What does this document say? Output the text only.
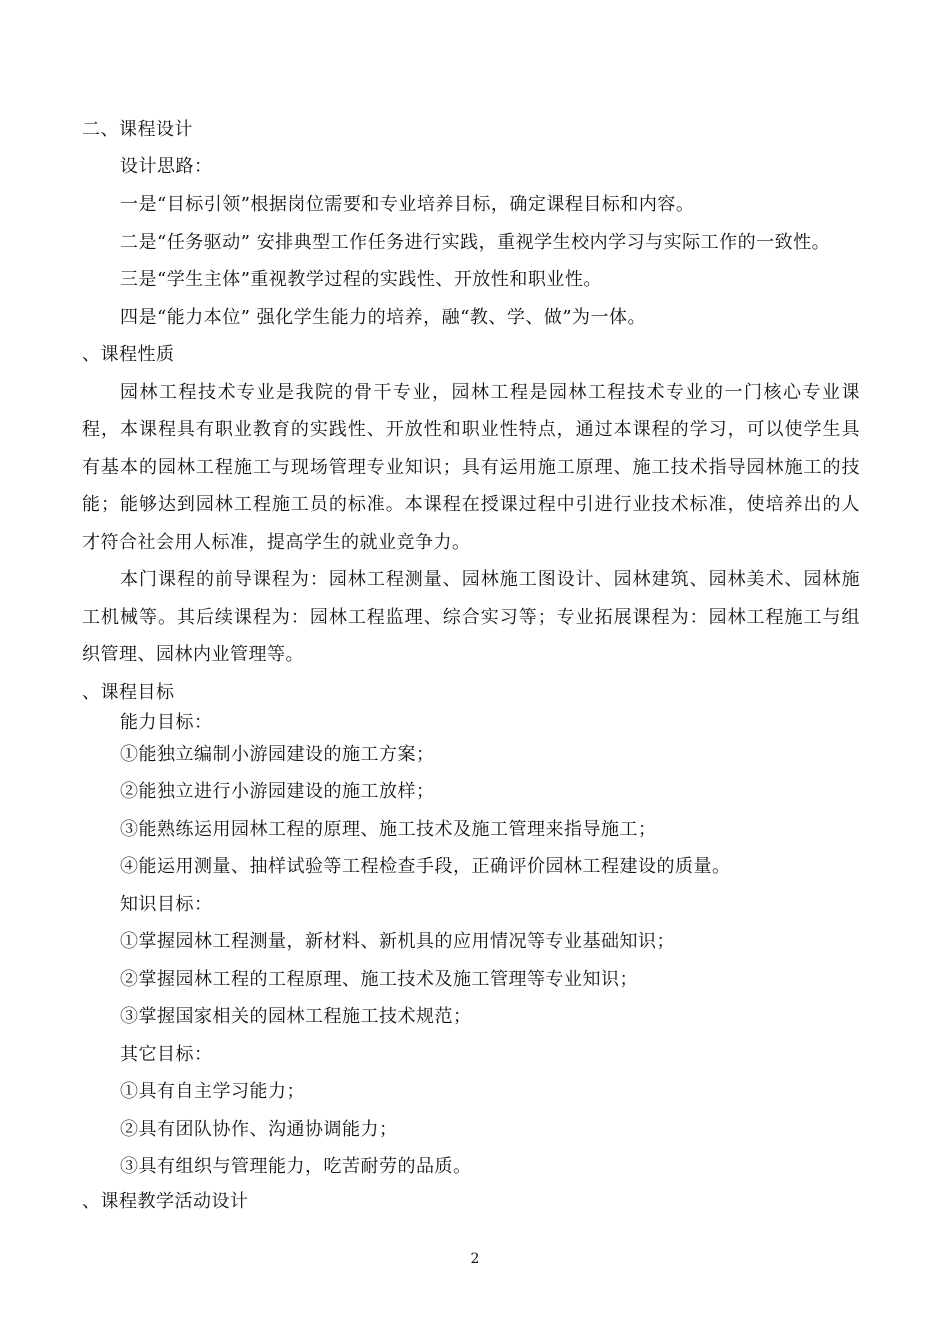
二、课程设计

设计思路：

一是“目标引领”根据岗位需要和专业培养目标，确定课程目标和内容。

二是“任务驱动” 安排典型工作任务进行实践，重视学生校内学习与实际工作的一致性。

三是“学生主体”重视教学过程的实践性、开放性和职业性。

四是“能力本位” 强化学生能力的培养，融“教、学、做”为一体。

、课程性质

园林工程技术专业是我院的骨干专业，园林工程是园林工程技术专业的一门核心专业课

程，本课程具有职业教育的实践性、开放性和职业性特点，通过本课程的学习，可以使学生具

有基本的园林工程施工与现场管理专业知识；具有运用施工原理、施工技术指导园林施工的技

能；能够达到园林工程施工员的标准。本课程在授课过程中引进行业技术标准，使培养出的人

才符合社会用人标准，提高学生的就业竞争力。

本门课程的前导课程为：园林工程测量、园林施工图设计、园林建筑、园林美术、园林施

工机械等。其后续课程为：园林工程监理、综合实习等；专业拓展课程为：园林工程施工与组

织管理、园林内业管理等。

、课程目标

能力目标：

①能独立编制小游园建设的施工方案；

②能独立进行小游园建设的施工放样；

③能熟练运用园林工程的原理、施工技术及施工管理来指导施工；

④能运用测量、抽样试验等工程检查手段，正确评价园林工程建设的质量。

知识目标：

①掌握园林工程测量，新材料、新机具的应用情况等专业基础知识；

②掌握园林工程的工程原理、施工技术及施工管理等专业知识；

③掌握国家相关的园林工程施工技术规范；

其它目标：

①具有自主学习能力；

②具有团队协作、沟通协调能力；

③具有组织与管理能力，吃苦耐劳的品质。

、课程教学活动设计

2
